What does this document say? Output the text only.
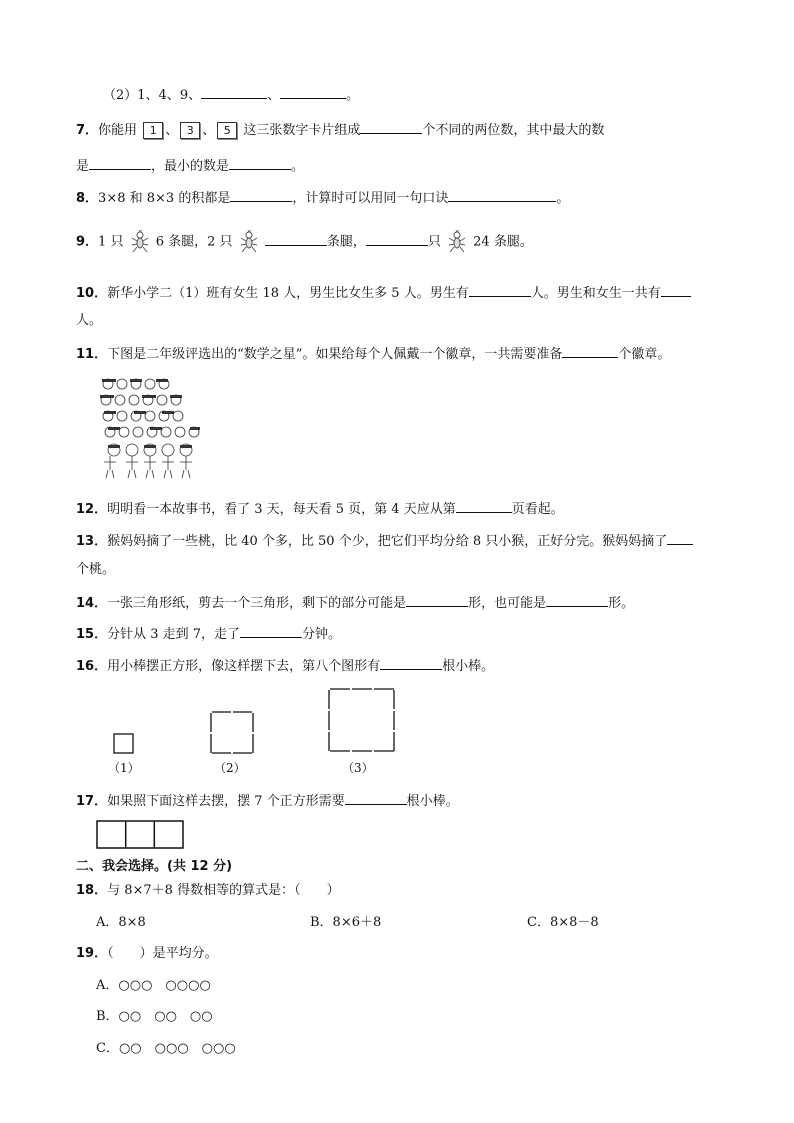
（2）1、4、9、	、	。
7．你能用 1 、 3 、 5 这三张数字卡片组成	个不同的两位数，其中最大的数
是	，最小的数是	。
8．3×8 和 8×3 的积都是	，计算时可以用同一句口诀	。
9．1 只 6 条腿，2 只	条腿，	只 24 条腿。
10．新华小学二（1）班有女生 18 人，男生比女生多 5 人。男生有	人。男生和女生一共有
人。
11．下图是二年级评选出的“数学之星”。如果给每个人佩戴一个徽章，一共需要准备	个徽章。
12．明明看一本故事书，看了 3 天，每天看 5 页，第 4 天应从第	页看起。
13．猴妈妈摘了一些桃，比 40 个多，比 50 个少，把它们平均分给 8 只小猴，正好分完。猴妈妈摘了
个桃。
14．一张三角形纸，剪去一个三角形，剩下的部分可能是	形，也可能是	形。
15．分针从 3 走到 7，走了	分钟。
16．用小棒摆正方形，像这样摆下去，第八个图形有	根小棒。
（1）	（2）	（3）
17．如果照下面这样去摆，摆 7 个正方形需要	根小棒。
二、我会选择。(共 12 分)
18．与 8×7＋8 得数相等的算式是：（　　）
A．8×8	B．8×6＋8	C．8×8－8
19．（　　）是平均分。
A．○○○　○○○○
B．○○　○○　○○
C．○○　○○○　○○○
